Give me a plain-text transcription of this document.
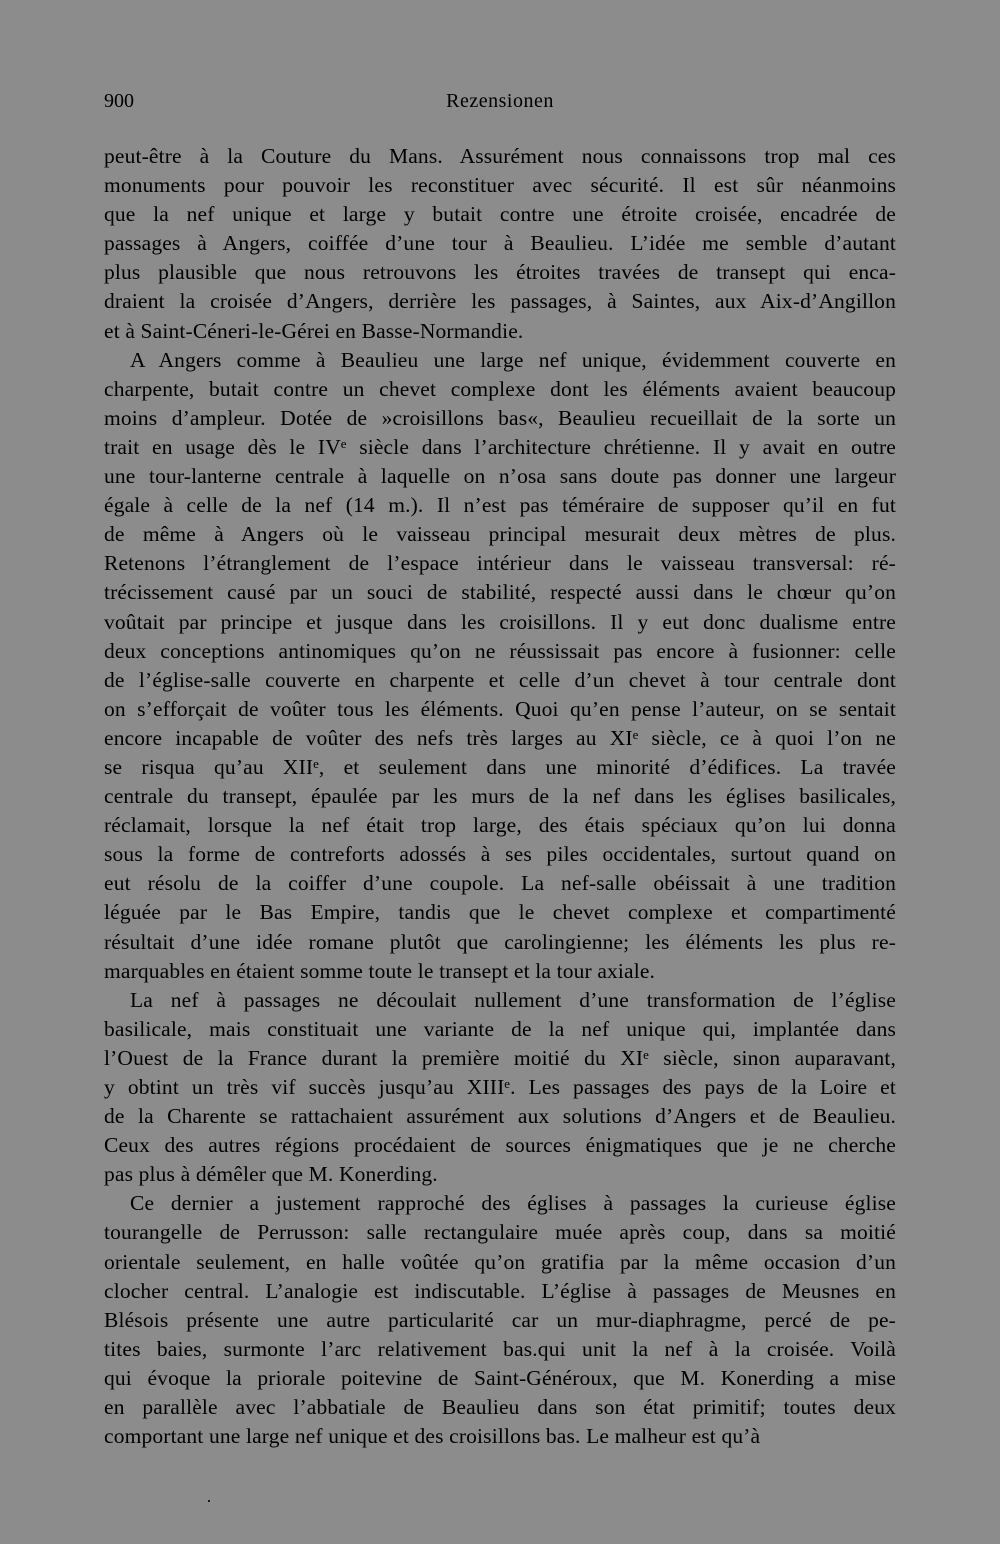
900	Rezensionen
peut-être à la Couture du Mans. Assurément nous connaissons trop mal ces
monuments pour pouvoir les reconstituer avec sécurité. Il est sûr néanmoins
que la nef unique et large y butait contre une étroite croisée, encadrée de
passages à Angers, coiffée d’une tour à Beaulieu. L’idée me semble d’autant
plus plausible que nous retrouvons les étroites travées de transept qui enca-
draient la croisée d’Angers, derrière les passages, à Saintes, aux Aix-d’Angillon
et à Saint-Céneri-le-Gérei en Basse-Normandie.
A Angers comme à Beaulieu une large nef unique, évidemment couverte en
charpente, butait contre un chevet complexe dont les éléments avaient beaucoup
moins d’ampleur. Dotée de »croisillons bas«, Beaulieu recueillait de la sorte un
trait en usage dès le IVᵉ siècle dans l’architecture chrétienne. Il y avait en outre
une tour-lanterne centrale à laquelle on n’osa sans doute pas donner une largeur
égale à celle de la nef (14 m.). Il n’est pas téméraire de supposer qu’il en fut
de même à Angers où le vaisseau principal mesurait deux mètres de plus.
Retenons l’étranglement de l’espace intérieur dans le vaisseau transversal: ré-
trécissement causé par un souci de stabilité, respecté aussi dans le chœur qu’on
voûtait par principe et jusque dans les croisillons. Il y eut donc dualisme entre
deux conceptions antinomiques qu’on ne réussissait pas encore à fusionner: celle
de l’église-salle couverte en charpente et celle d’un chevet à tour centrale dont
on s’efforçait de voûter tous les éléments. Quoi qu’en pense l’auteur, on se sentait
encore incapable de voûter des nefs très larges au XIᵉ siècle, ce à quoi l’on ne
se risqua qu’au XIIᵉ, et seulement dans une minorité d’édifices. La travée
centrale du transept, épaulée par les murs de la nef dans les églises basilicales,
réclamait, lorsque la nef était trop large, des étais spéciaux qu’on lui donna
sous la forme de contreforts adossés à ses piles occidentales, surtout quand on
eut résolu de la coiffer d’une coupole. La nef-salle obéissait à une tradition
léguée par le Bas Empire, tandis que le chevet complexe et compartimenté
résultait d’une idée romane plutôt que carolingienne; les éléments les plus re-
marquables en étaient somme toute le transept et la tour axiale.
La nef à passages ne découlait nullement d’une transformation de l’église
basilicale, mais constituait une variante de la nef unique qui, implantée dans
l’Ouest de la France durant la première moitié du XIᵉ siècle, sinon auparavant,
y obtint un très vif succès jusqu’au XIIIᵉ. Les passages des pays de la Loire et
de la Charente se rattachaient assurément aux solutions d’Angers et de Beaulieu.
Ceux des autres régions procédaient de sources énigmatiques que je ne cherche
pas plus à démêler que M. Konerding.
Ce dernier a justement rapproché des églises à passages la curieuse église
tourangelle de Perrusson: salle rectangulaire muée après coup, dans sa moitié
orientale seulement, en halle voûtée qu’on gratifia par la même occasion d’un
clocher central. L’analogie est indiscutable. L’église à passages de Meusnes en
Blésois présente une autre particularité car un mur-diaphragme, percé de pe-
tites baies, surmonte l’arc relativement bas.qui unit la nef à la croisée. Voilà
qui évoque la priorale poitevine de Saint-Généroux, que M. Konerding a mise
en parallèle avec l’abbatiale de Beaulieu dans son état primitif; toutes deux
comportant une large nef unique et des croisillons bas. Le malheur est qu’à
